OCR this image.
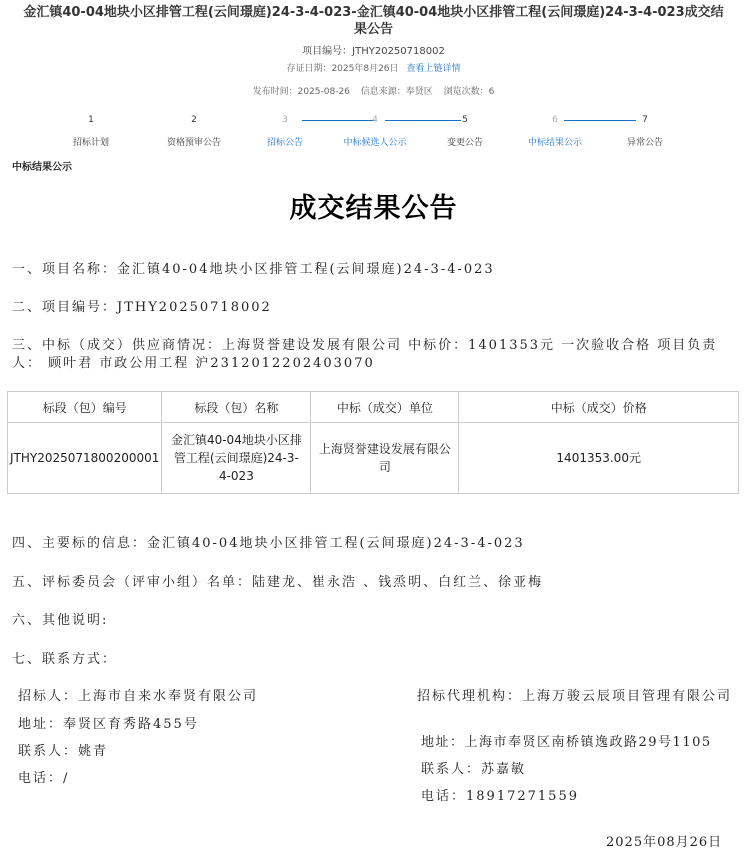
金汇镇40-04地块小区排管工程(云间璟庭)24-3-4-023-金汇镇40-04地块小区排管工程(云间璟庭)24-3-4-023成交结果公告
项目编号：JTHY20250718002
存证日期：2025年8月26日 查看上链详情
发布时间：2025-08-26 信息来源：奉贤区 浏览次数：6
1
招标计划
2
资格预审公告
3
招标公告
4
中标候选人公示
5
变更公告
6
中标结果公示
7
异常公告
中标结果公示
成交结果公告
一、项目名称：金汇镇40-04地块小区排管工程(云间璟庭)24-3-4-023
二、项目编号：JTHY20250718002
三、中标（成交）供应商情况：上海贤誉建设发展有限公司 中标价：1401353元 一次验收合格 项目负责人： 顾叶君 市政公用工程 沪2312012202403070
标段（包）编号	标段（包）名称	中标（成交）单位	中标（成交）价格
JTHY2025071800200001	金汇镇40-04地块小区排管工程(云间璟庭)24-3-4-023	上海贤誉建设发展有限公司	1401353.00元
四、主要标的信息：金汇镇40-04地块小区排管工程(云间璟庭)24-3-4-023
五、评标委员会（评审小组）名单：陆建龙、崔永浩 、钱烝明、白红兰、徐亚梅
六、其他说明:
七、联系方式：
招标人：上海市自来水奉贤有限公司
地址：奉贤区育秀路455号
联系人：姚青
电话：/
招标代理机构：上海万骏云辰项目管理有限公司
地址：上海市奉贤区南桥镇逸政路29号1105
联系人：苏嘉敏
电话：18917271559
2025年08月26日
